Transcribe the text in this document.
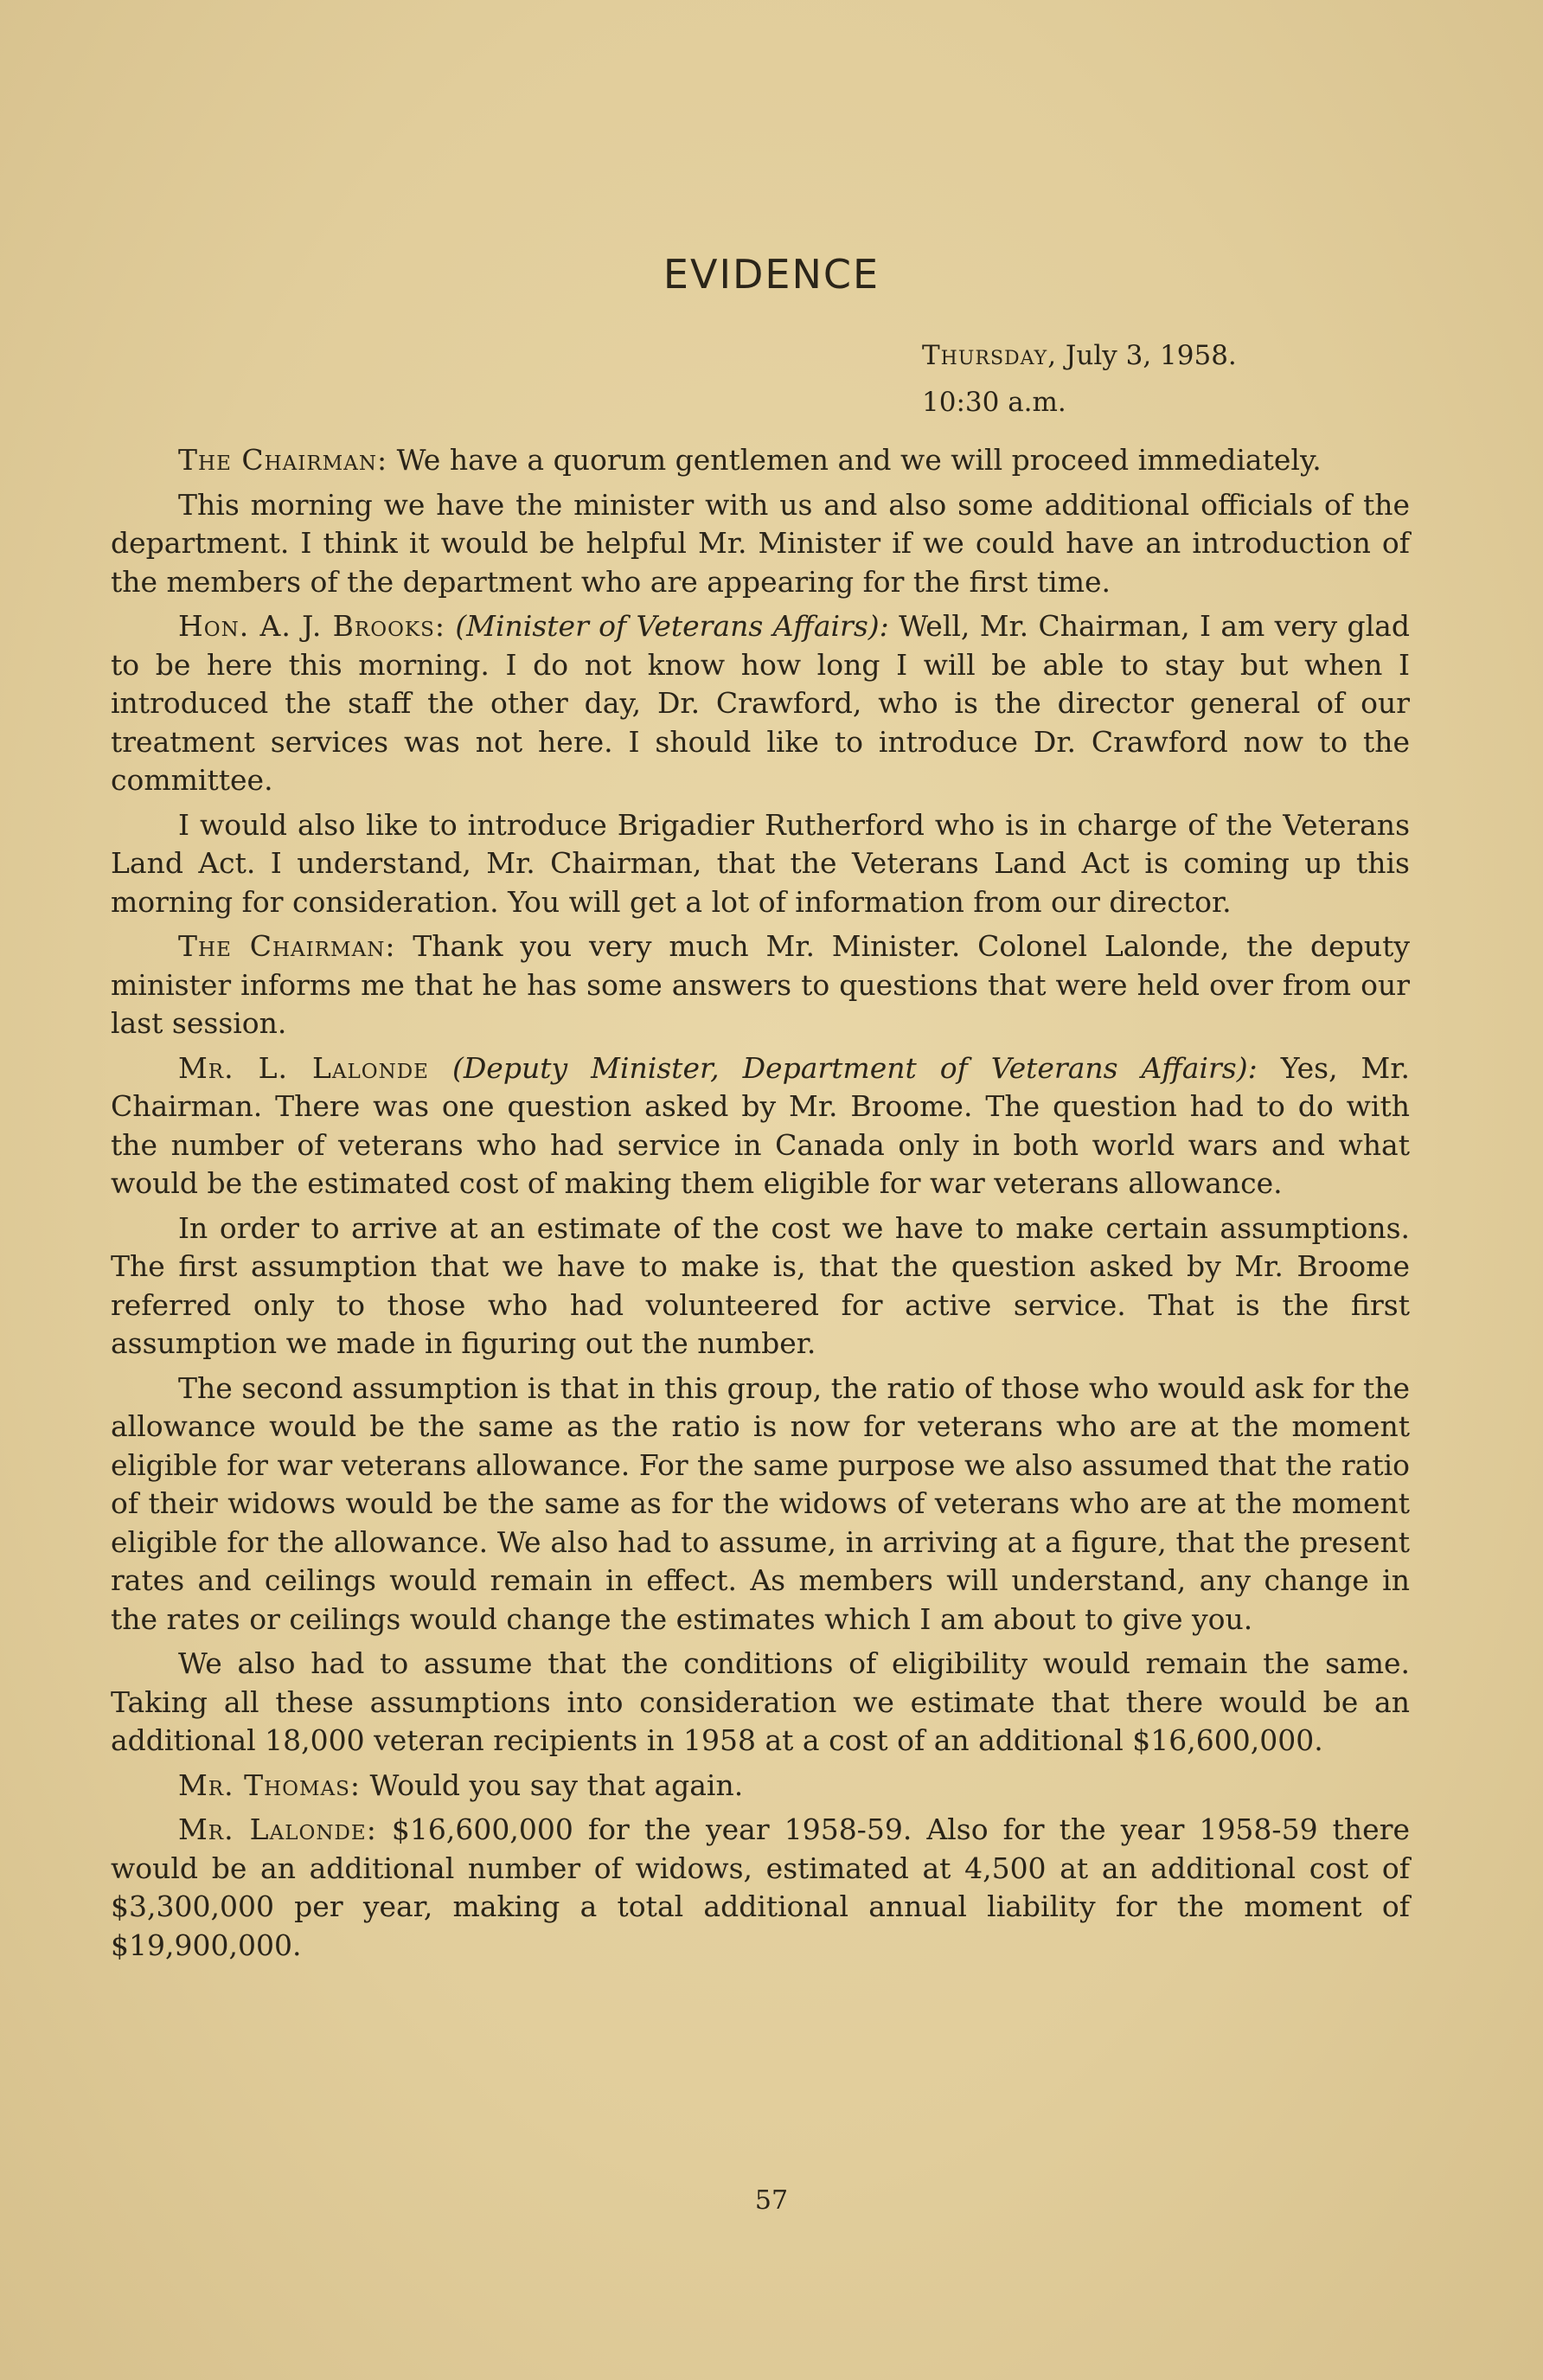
EVIDENCE
Thursday, July 3, 1958.
10:30 a.m.

The Chairman: We have a quorum gentlemen and we will proceed immediately.

This morning we have the minister with us and also some additional officials of the department. I think it would be helpful Mr. Minister if we could have an introduction of the members of the department who are appearing for the first time.

Hon. A. J. Brooks: (Minister of Veterans Affairs): Well, Mr. Chairman, I am very glad to be here this morning. I do not know how long I will be able to stay but when I introduced the staff the other day, Dr. Crawford, who is the director general of our treatment services was not here. I should like to introduce Dr. Crawford now to the committee.

I would also like to introduce Brigadier Rutherford who is in charge of the Veterans Land Act. I understand, Mr. Chairman, that the Veterans Land Act is coming up this morning for consideration. You will get a lot of information from our director.

The Chairman: Thank you very much Mr. Minister. Colonel Lalonde, the deputy minister informs me that he has some answers to questions that were held over from our last session.

Mr. L. Lalonde (Deputy Minister, Department of Veterans Affairs): Yes, Mr. Chairman. There was one question asked by Mr. Broome. The question had to do with the number of veterans who had service in Canada only in both world wars and what would be the estimated cost of making them eligible for war veterans allowance.

In order to arrive at an estimate of the cost we have to make certain assumptions. The first assumption that we have to make is, that the question asked by Mr. Broome referred only to those who had volunteered for active service. That is the first assumption we made in figuring out the number.

The second assumption is that in this group, the ratio of those who would ask for the allowance would be the same as the ratio is now for veterans who are at the moment eligible for war veterans allowance. For the same purpose we also assumed that the ratio of their widows would be the same as for the widows of veterans who are at the moment eligible for the allowance. We also had to assume, in arriving at a figure, that the present rates and ceilings would remain in effect. As members will understand, any change in the rates or ceilings would change the estimates which I am about to give you.

We also had to assume that the conditions of eligibility would remain the same. Taking all these assumptions into consideration we estimate that there would be an additional 18,000 veteran recipients in 1958 at a cost of an additional $16,600,000.

Mr. Thomas: Would you say that again.

Mr. Lalonde: $16,600,000 for the year 1958-59. Also for the year 1958-59 there would be an additional number of widows, estimated at 4,500 at an additional cost of $3,300,000 per year, making a total additional annual liability for the moment of $19,900,000.

57
